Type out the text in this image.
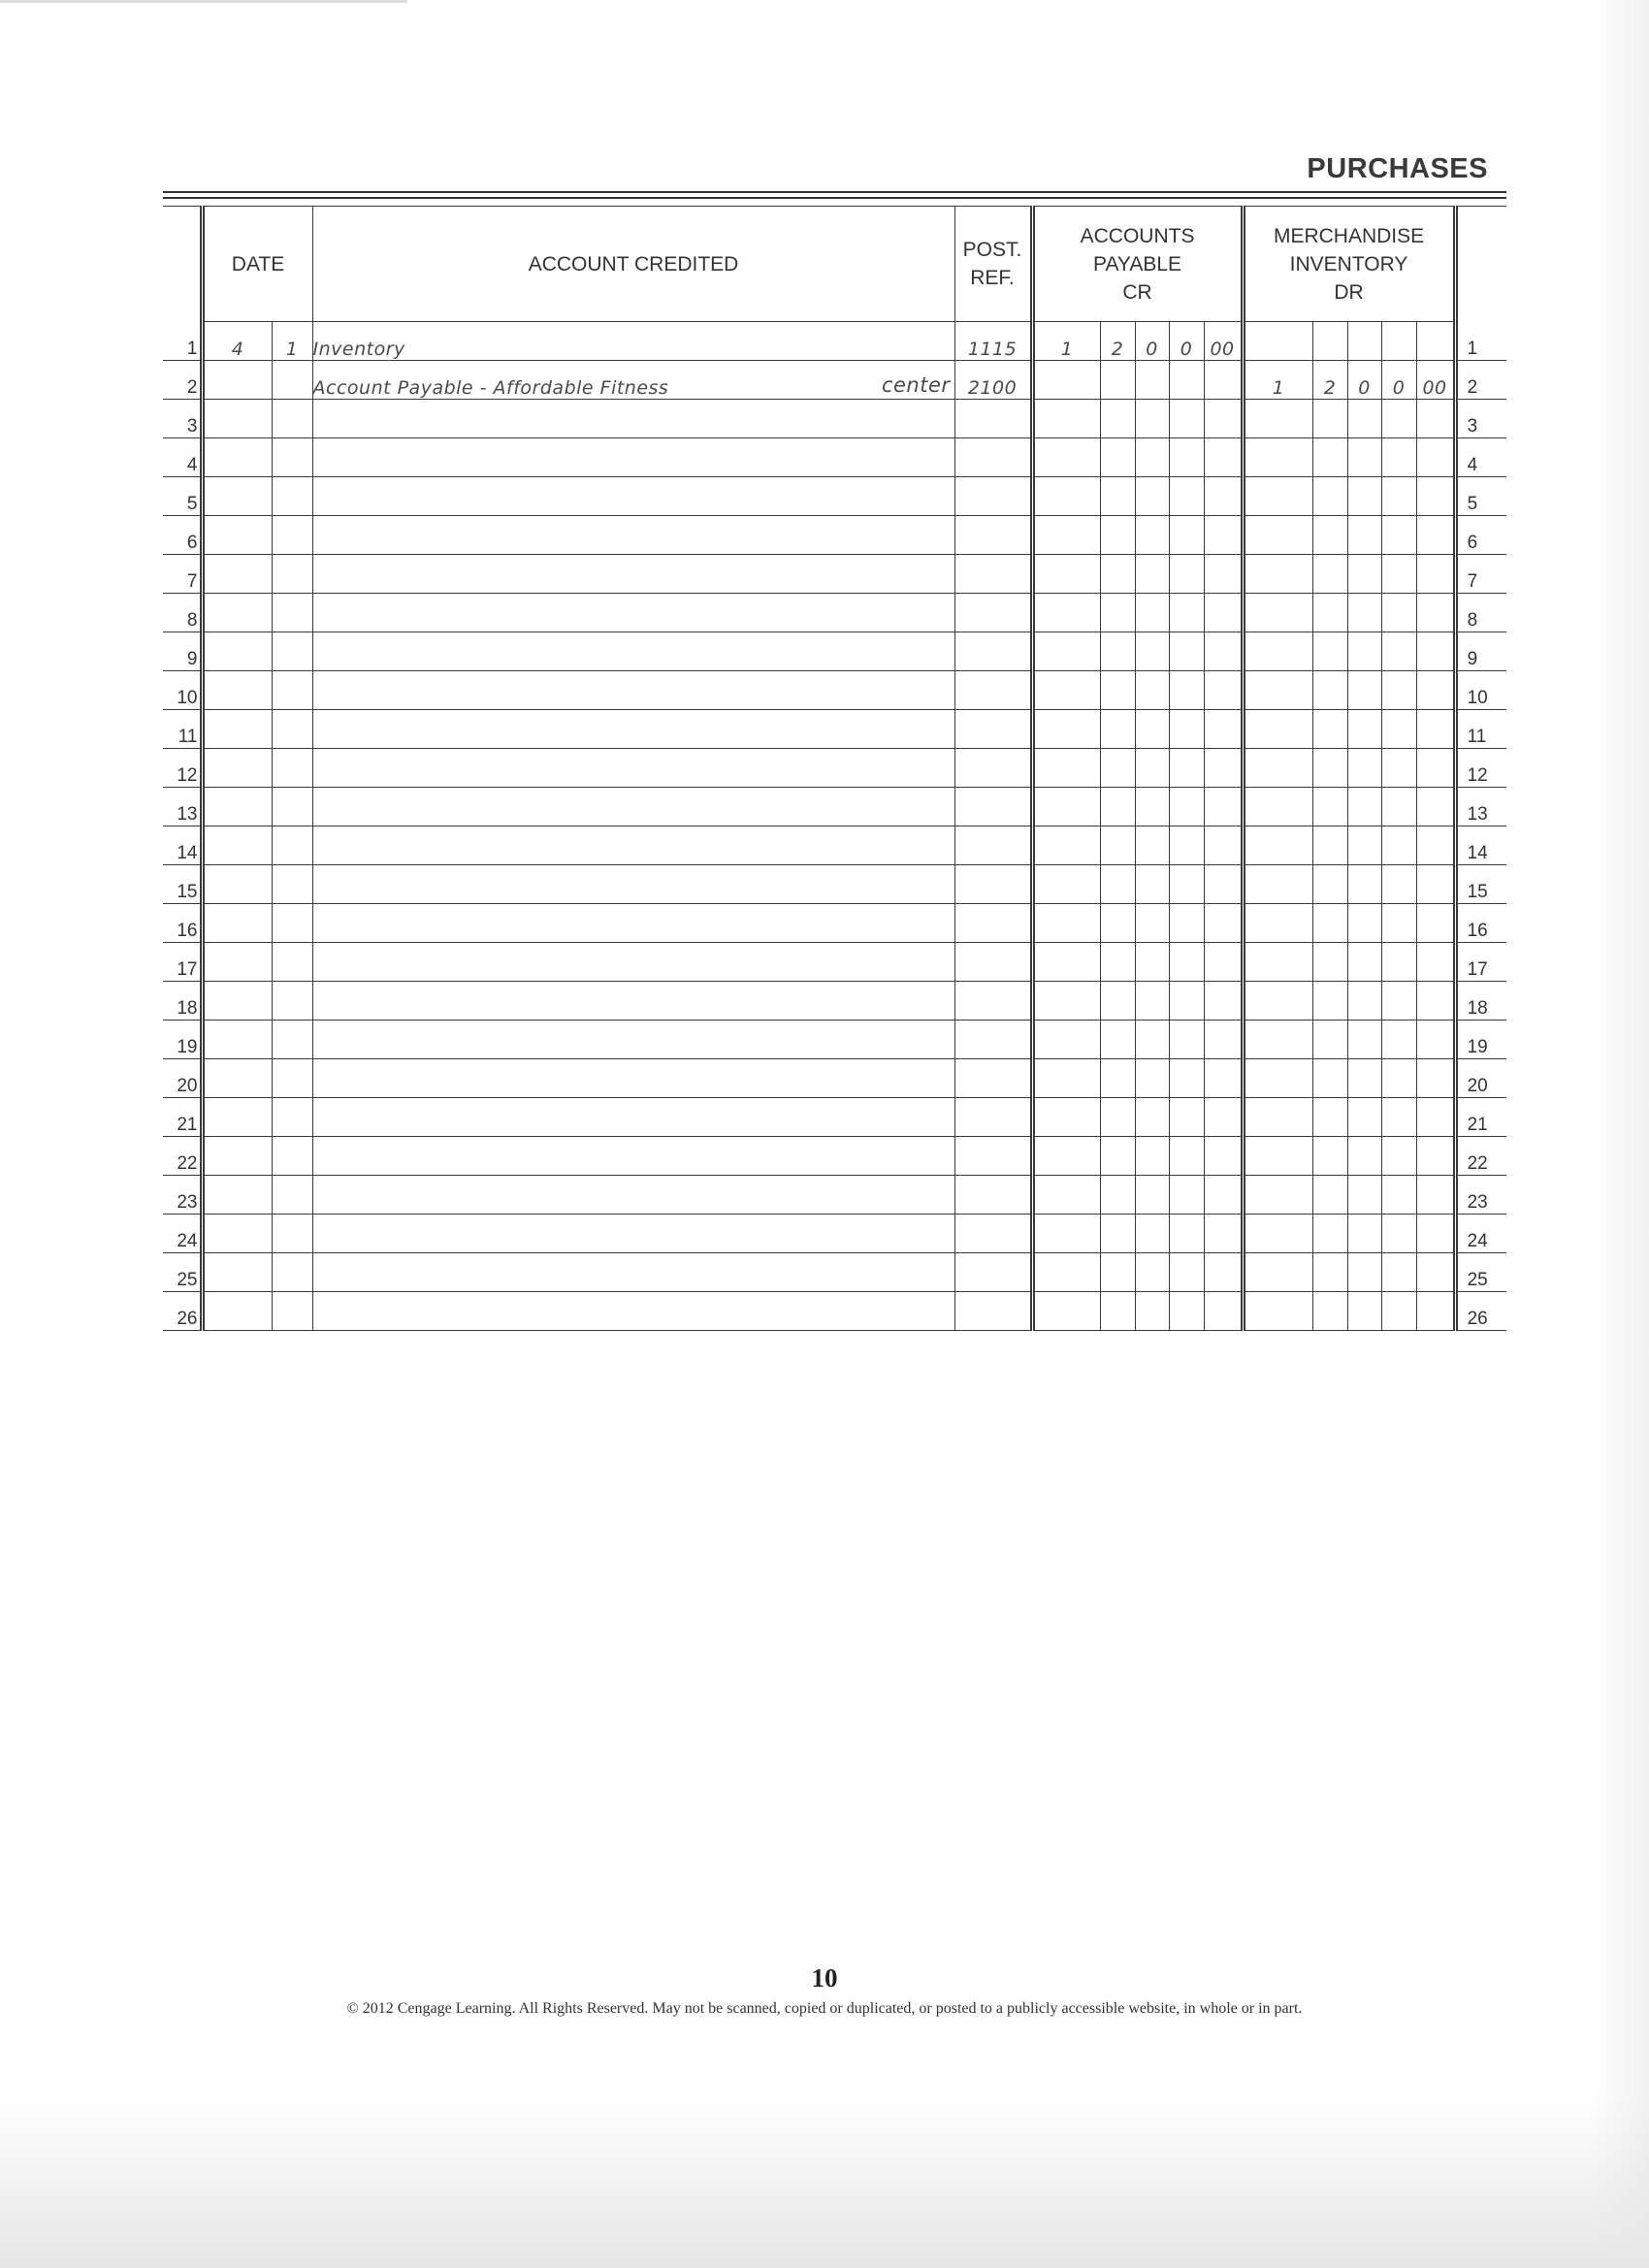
PURCHASES
	DATE		ACCOUNT CREDITED	POST.
REF.	ACCOUNTS
PAYABLE
CR					MERCHANDISE
INVENTORY
DR					
1	4	1	Inventory	1115	1	2	0	0	00						1
2			Account Payable - Affordable Fitness center	2100						1	2	0	0	00	2
3															3
4															4
5															5
6															6
7															7
8															8
9															9
10															10
11															11
12															12
13															13
14															14
15															15
16															16
17															17
18															18
19															19
20															20
21															21
22															22
23															23
24															24
25															25
26															26
10
© 2012 Cengage Learning. All Rights Reserved. May not be scanned, copied or duplicated, or posted to a publicly accessible website, in whole or in part.
